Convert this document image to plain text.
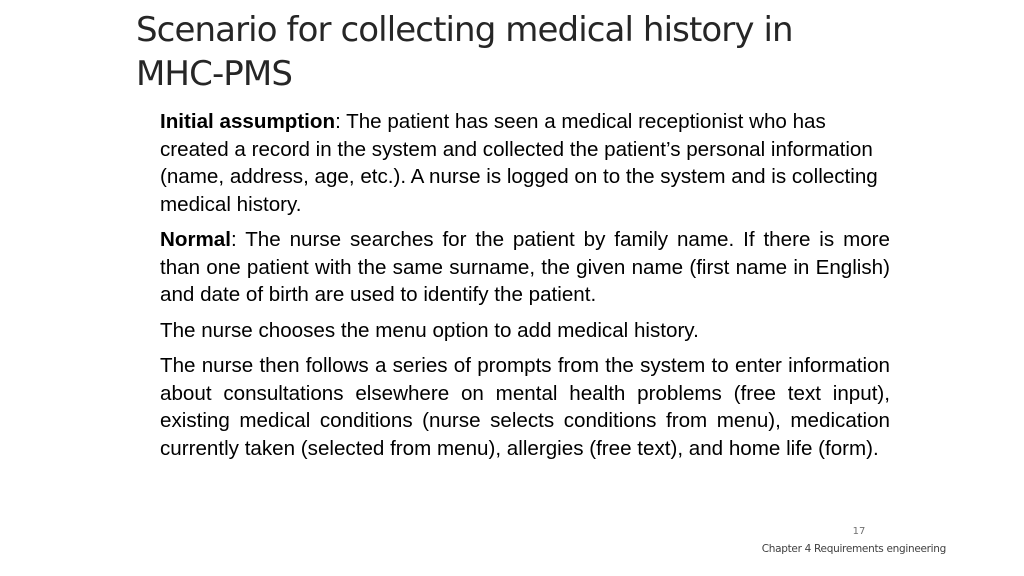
Scenario for collecting medical history in
MHC-PMS

Initial assumption: The patient has seen a medical receptionist who has created a record in the system and collected the patient’s personal information (name, address, age, etc.). A nurse is logged on to the system and is collecting medical history.

Normal: The nurse searches for the patient by family name. If there is more than one patient with the same surname, the given name (first name in English) and date of birth are used to identify the patient.

The nurse chooses the menu option to add medical history.

The nurse then follows a series of prompts from the system to enter information about consultations elsewhere on mental health problems (free text input), existing medical conditions (nurse selects conditions from menu), medication currently taken (selected from menu), allergies (free text), and home life (form).

17
Chapter 4 Requirements engineering
